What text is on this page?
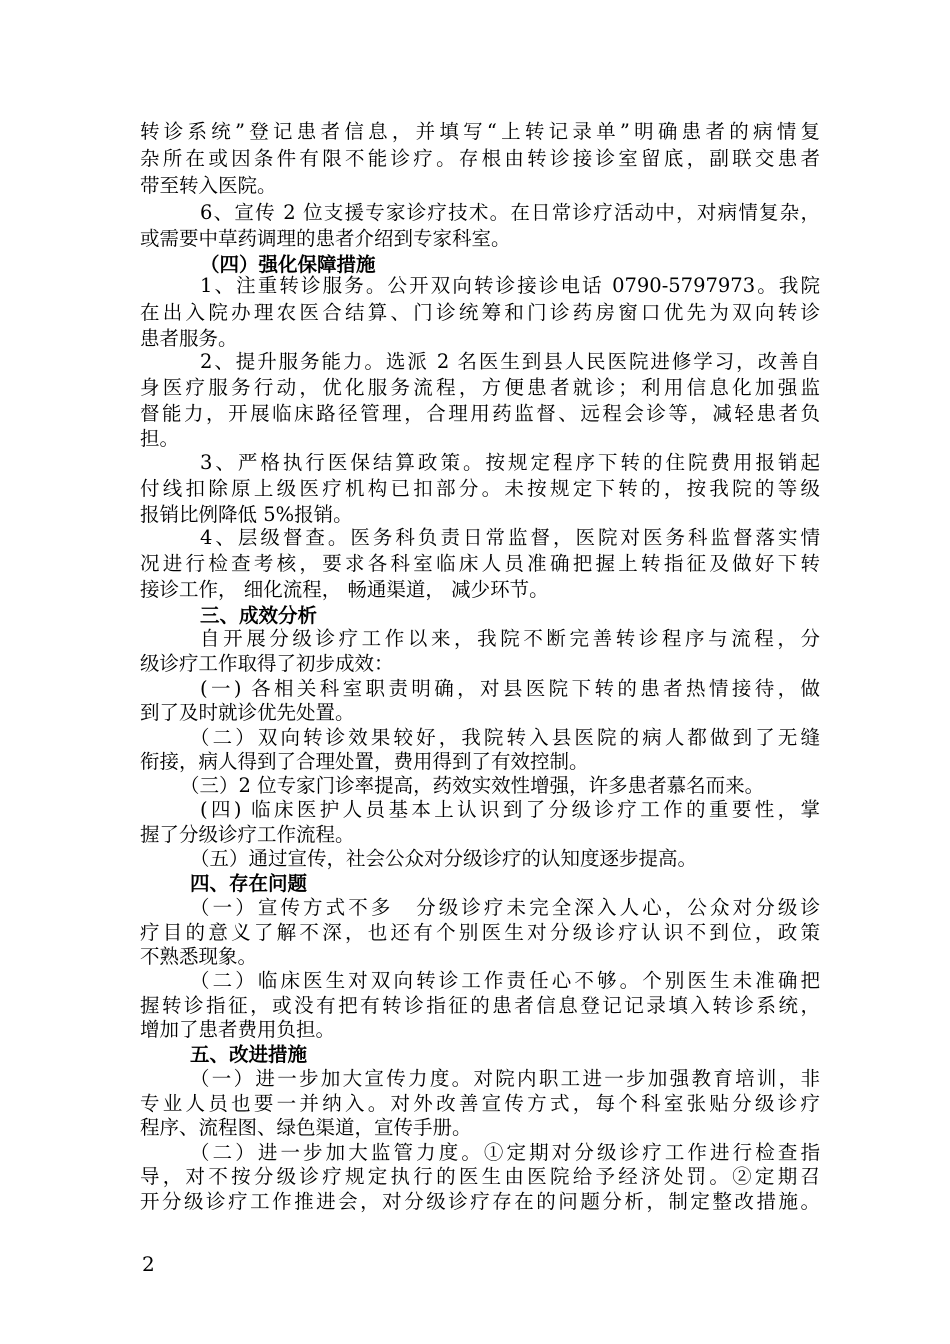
转诊系统”登记患者信息，并填写“上转记录单”明确患者的病情复
杂所在或因条件有限不能诊疗。存根由转诊接诊室留底，副联交患者
带至转入医院。
6、宣传 2 位支援专家诊疗技术。在日常诊疗活动中，对病情复杂，
或需要中草药调理的患者介绍到专家科室。
（四）强化保障措施
1、注重转诊服务。公开双向转诊接诊电话 0790-5797973。我院
在出入院办理农医合结算、门诊统筹和门诊药房窗口优先为双向转诊
患者服务。
2、提升服务能力。选派 2 名医生到县人民医院进修学习，改善自
身医疗服务行动，优化服务流程，方便患者就诊；利用信息化加强监
督能力，开展临床路径管理，合理用药监督、远程会诊等，减轻患者负
担。
3、严格执行医保结算政策。按规定程序下转的住院费用报销起
付线扣除原上级医疗机构已扣部分。未按规定下转的，按我院的等级
报销比例降低 5%报销。
4、层级督查。医务科负责日常监督，医院对医务科监督落实情
况进行检查考核，要求各科室临床人员准确把握上转指征及做好下转
接诊工作， 细化流程， 畅通渠道， 减少环节。
三、成效分析
自开展分级诊疗工作以来，我院不断完善转诊程序与流程，分
级诊疗工作取得了初步成效：
(一) 各相关科室职责明确，对县医院下转的患者热情接待，做
到了及时就诊优先处置。
（二）双向转诊效果较好，我院转入县医院的病人都做到了无缝
衔接，病人得到了合理处置，费用得到了有效控制。
（三）2 位专家门诊率提高，药效实效性增强，许多患者慕名而来。
(四) 临床医护人员基本上认识到了分级诊疗工作的重要性，掌
握了分级诊疗工作流程。
（五）通过宣传，社会公众对分级诊疗的认知度逐步提高。
四、存在问题
（一）宣传方式不多　分级诊疗未完全深入人心，公众对分级诊
疗目的意义了解不深，也还有个别医生对分级诊疗认识不到位，政策
不熟悉现象。
（二）临床医生对双向转诊工作责任心不够。个别医生未准确把
握转诊指征，或没有把有转诊指征的患者信息登记记录填入转诊系统，
增加了患者费用负担。
五、改进措施
（一）进一步加大宣传力度。对院内职工进一步加强教育培训，非
专业人员也要一并纳入。对外改善宣传方式，每个科室张贴分级诊疗
程序、流程图、绿色渠道，宣传手册。
（二）进一步加大监管力度。①定期对分级诊疗工作进行检查指
导，对不按分级诊疗规定执行的医生由医院给予经济处罚。②定期召
开分级诊疗工作推进会，对分级诊疗存在的问题分析，制定整改措施。
2
